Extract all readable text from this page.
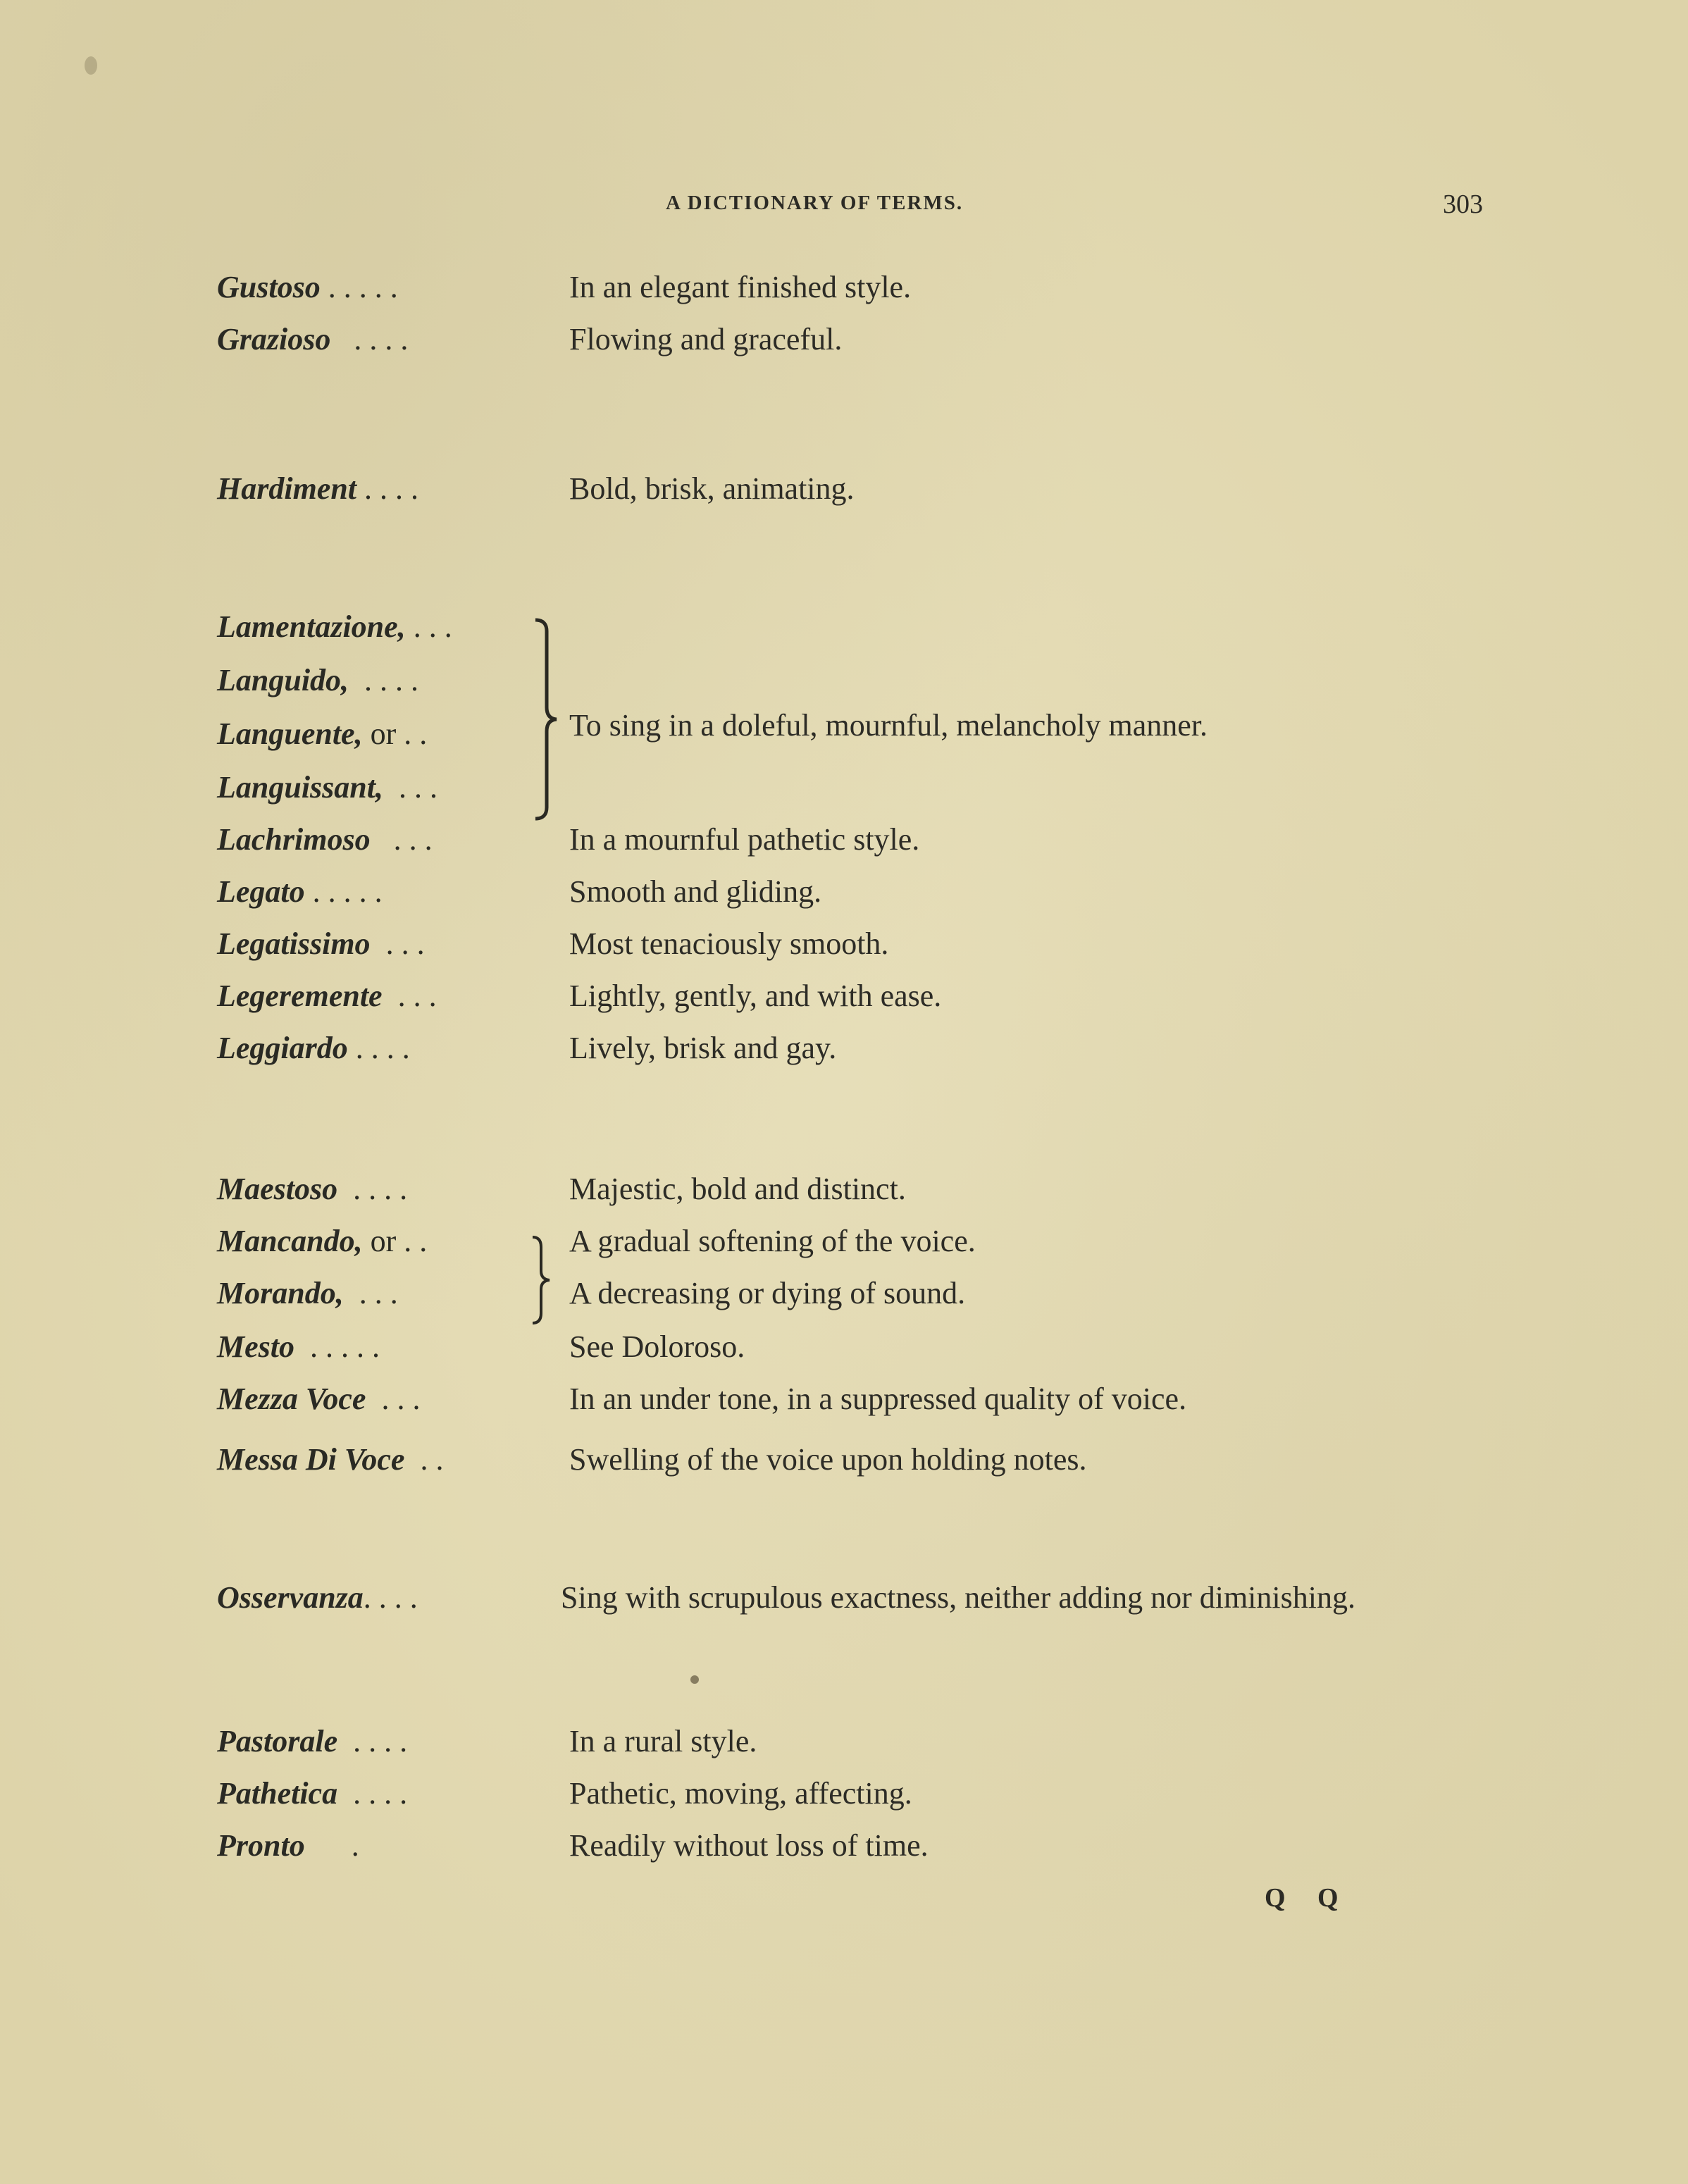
A DICTIONARY OF TERMS.	303
Gustoso . . . . .	In an elegant finished style.
Grazioso   . . . .	Flowing and graceful.
Hardiment . . . .	Bold, brisk, animating.
Lamentazione, . . .
Languido,  . . . .
Languente, or . .
Languissant,  . . .
To sing in a doleful, mournful, melancholy manner.
Lachrimoso   . . .	In a mournful pathetic style.
Legato . . . . .	Smooth and gliding.
Legatissimo  . . .	Most tenaciously smooth.
Legeremente  . . .	Lightly, gently, and with ease.
Leggiardo . . . .	Lively, brisk and gay.
Maestoso  . . . .	Majestic, bold and distinct.
Mancando, or . .	A gradual softening of the voice.
Morando,  . . .	A decreasing or dying of sound.
Mesto  . . . . .	See Doloroso.
Mezza Voce  . . .	In an under tone, in a suppressed quality of voice.
Messa Di Voce  . .	Swelling of the voice upon holding notes.
Osservanza. . . .	Sing with scrupulous exactness, neither adding nor diminishing.
Pastorale  . . . .	In a rural style.
Pathetica  . . . .	Pathetic, moving, affecting.
Pronto      .	Readily without loss of time.
Q Q
